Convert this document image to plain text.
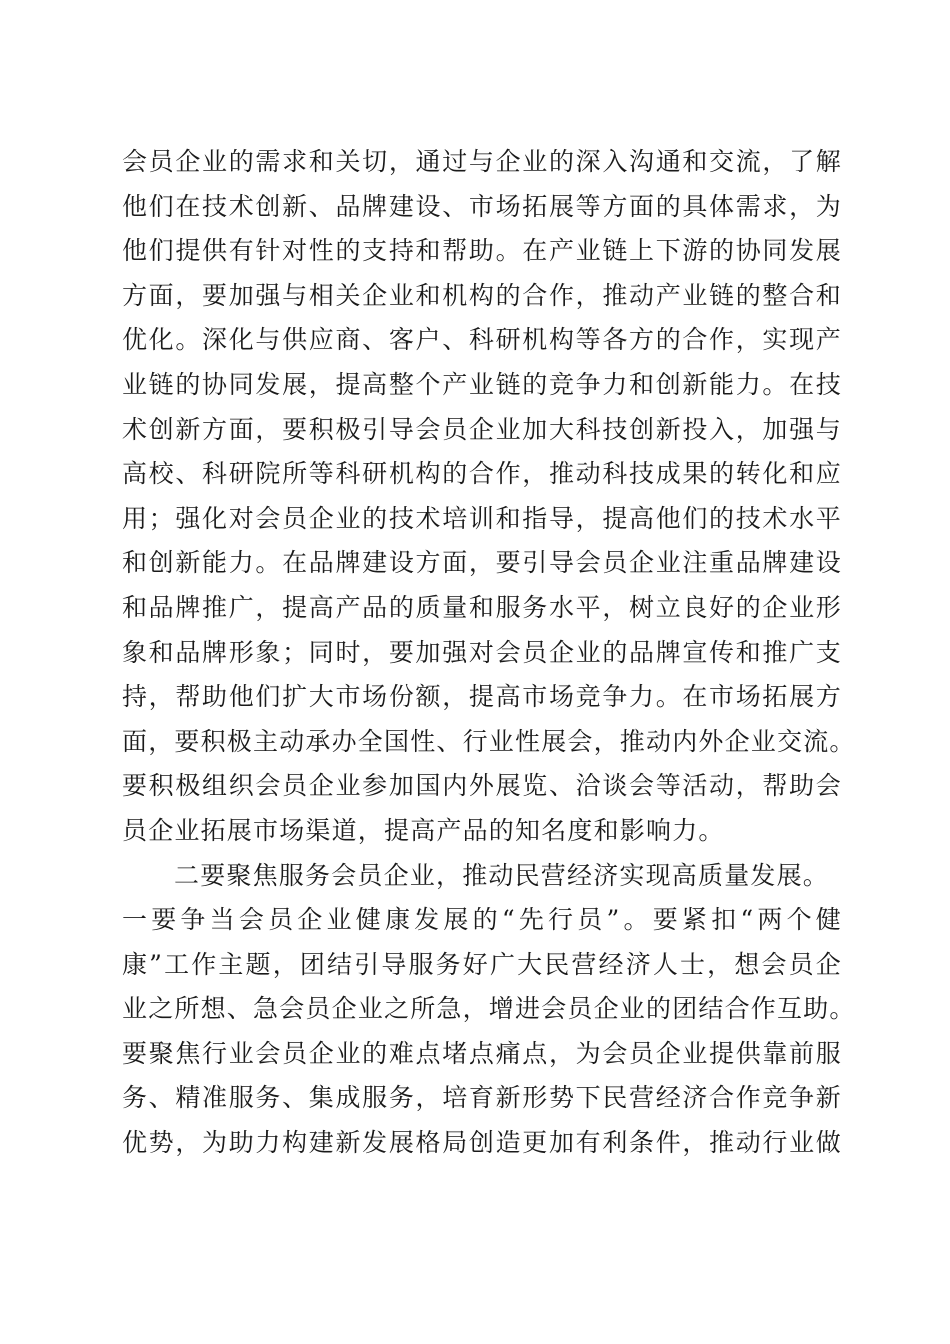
会员企业的需求和关切，通过与企业的深入沟通和交流，了解
他们在技术创新、品牌建设、市场拓展等方面的具体需求，为
他们提供有针对性的支持和帮助。在产业链上下游的协同发展
方面，要加强与相关企业和机构的合作，推动产业链的整合和
优化。深化与供应商、客户、科研机构等各方的合作，实现产
业链的协同发展，提高整个产业链的竞争力和创新能力。在技
术创新方面，要积极引导会员企业加大科技创新投入，加强与
高校、科研院所等科研机构的合作，推动科技成果的转化和应
用；强化对会员企业的技术培训和指导，提高他们的技术水平
和创新能力。在品牌建设方面，要引导会员企业注重品牌建设
和品牌推广，提高产品的质量和服务水平，树立良好的企业形
象和品牌形象；同时，要加强对会员企业的品牌宣传和推广支
持，帮助他们扩大市场份额，提高市场竞争力。在市场拓展方
面，要积极主动承办全国性、行业性展会，推动内外企业交流。
要积极组织会员企业参加国内外展览、洽谈会等活动，帮助会
员企业拓展市场渠道，提高产品的知名度和影响力。
二要聚焦服务会员企业，推动民营经济实现高质量发展。
一要争当会员企业健康发展的“先行员”。要紧扣“两个健
康”工作主题，团结引导服务好广大民营经济人士，想会员企
业之所想、急会员企业之所急，增进会员企业的团结合作互助。
要聚焦行业会员企业的难点堵点痛点，为会员企业提供靠前服
务、精准服务、集成服务，培育新形势下民营经济合作竞争新
优势，为助力构建新发展格局创造更加有利条件，推动行业做
